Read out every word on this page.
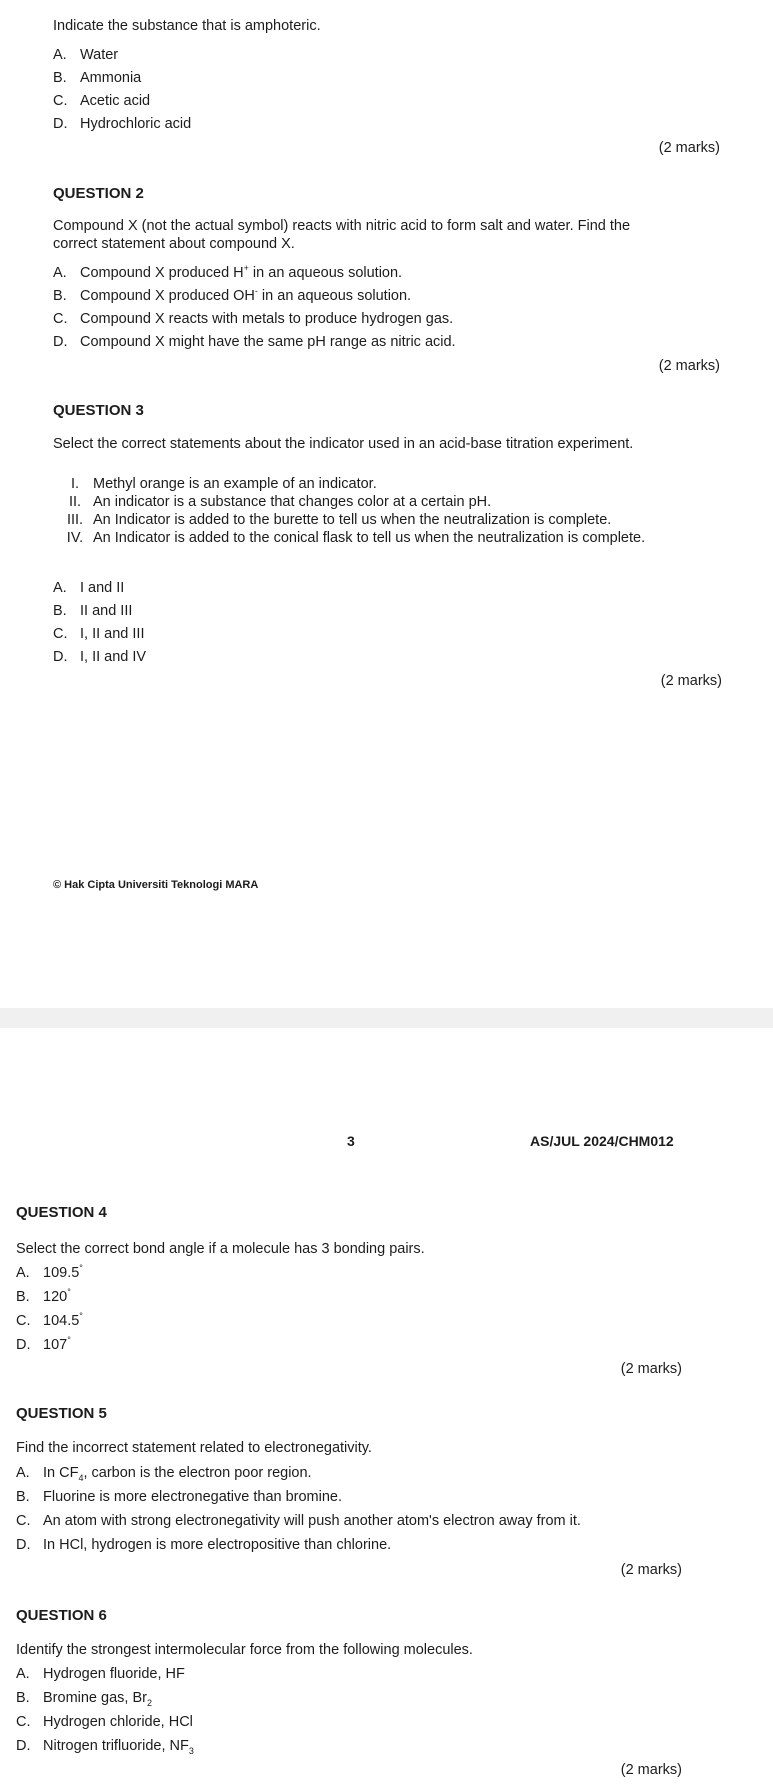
Indicate the substance that is amphoteric.
A. Water
B. Ammonia
C. Acetic acid
D. Hydrochloric acid
(2 marks)
QUESTION 2
Compound X (not the actual symbol) reacts with nitric acid to form salt and water. Find the
correct statement about compound X.
A. Compound X produced H+ in an aqueous solution.
B. Compound X produced OH- in an aqueous solution.
C. Compound X reacts with metals to produce hydrogen gas.
D. Compound X might have the same pH range as nitric acid.
(2 marks)
QUESTION 3
Select the correct statements about the indicator used in an acid-base titration experiment.
I. Methyl orange is an example of an indicator.
II. An indicator is a substance that changes color at a certain pH.
III. An Indicator is added to the burette to tell us when the neutralization is complete.
IV. An Indicator is added to the conical flask to tell us when the neutralization is complete.
A. I and II
B. II and III
C. I, II and III
D. I, II and IV
(2 marks)
© Hak Cipta Universiti Teknologi MARA
3	AS/JUL 2024/CHM012
QUESTION 4
Select the correct bond angle if a molecule has 3 bonding pairs.
A. 109.5°
B. 120°
C. 104.5°
D. 107°
(2 marks)
QUESTION 5
Find the incorrect statement related to electronegativity.
A. In $CF_4$, carbon is the electron poor region.
B. Fluorine is more electronegative than bromine.
C. An atom with strong electronegativity will push another atom's electron away from it.
D. In HCl, hydrogen is more electropositive than chlorine.
(2 marks)
QUESTION 6
Identify the strongest intermolecular force from the following molecules.
A. Hydrogen fluoride, HF
B. Bromine gas, $Br_2$
C. Hydrogen chloride, HCl
D. Nitrogen trifluoride, $NF_3$
(2 marks)
